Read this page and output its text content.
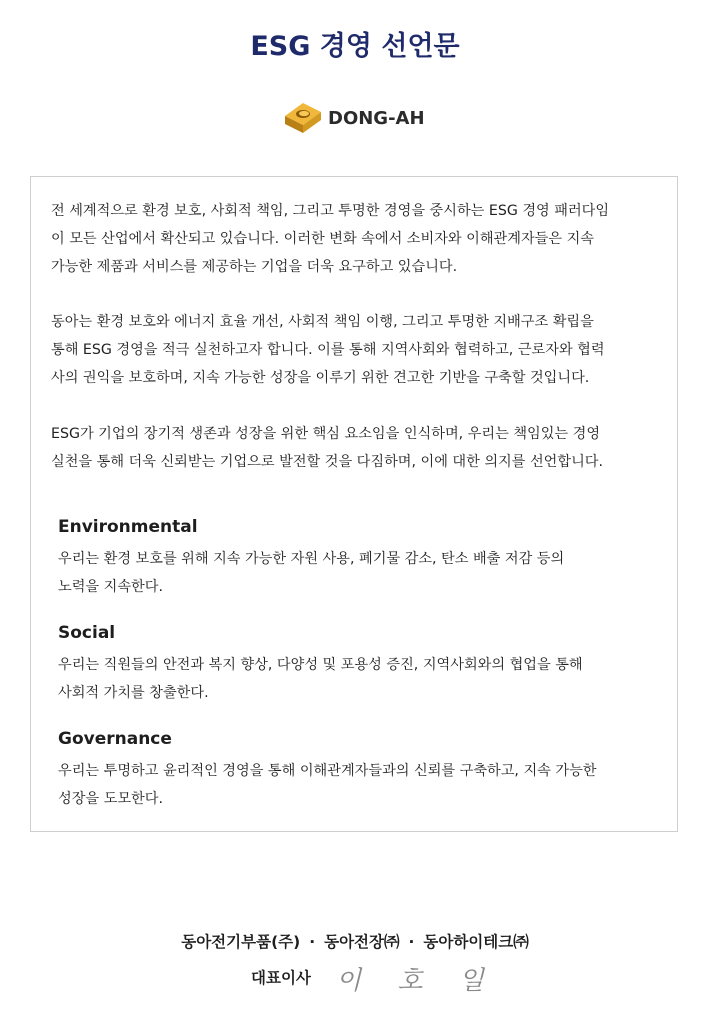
ESG 경영 선언문
DONG-AH
전 세계적으로 환경 보호, 사회적 책임, 그리고 투명한 경영을 중시하는 ESG 경영 패러다임
이 모든 산업에서 확산되고 있습니다. 이러한 변화 속에서 소비자와 이해관계자들은 지속
가능한 제품과 서비스를 제공하는 기업을 더욱 요구하고 있습니다.
동아는 환경 보호와 에너지 효율 개선, 사회적 책임 이행, 그리고 투명한 지배구조 확립을
통해 ESG 경영을 적극 실천하고자 합니다. 이를 통해 지역사회와 협력하고, 근로자와 협력
사의 권익을 보호하며, 지속 가능한 성장을 이루기 위한 견고한 기반을 구축할 것입니다.
ESG가 기업의 장기적 생존과 성장을 위한 핵심 요소임을 인식하며, 우리는 책임있는 경영
실천을 통해 더욱 신뢰받는 기업으로 발전할 것을 다짐하며, 이에 대한 의지를 선언합니다.
Environmental
우리는 환경 보호를 위해 지속 가능한 자원 사용, 폐기물 감소, 탄소 배출 저감 등의
노력을 지속한다.
Social
우리는 직원들의 안전과 복지 향상, 다양성 및 포용성 증진, 지역사회와의 협업을 통해
사회적 가치를 창출한다.
Governance
우리는 투명하고 윤리적인 경영을 통해 이해관계자들과의 신뢰를 구축하고, 지속 가능한
성장을 도모한다.
동아전기부품(주) · 동아전장㈜ · 동아하이테크㈜
대표이사 이 호 일
